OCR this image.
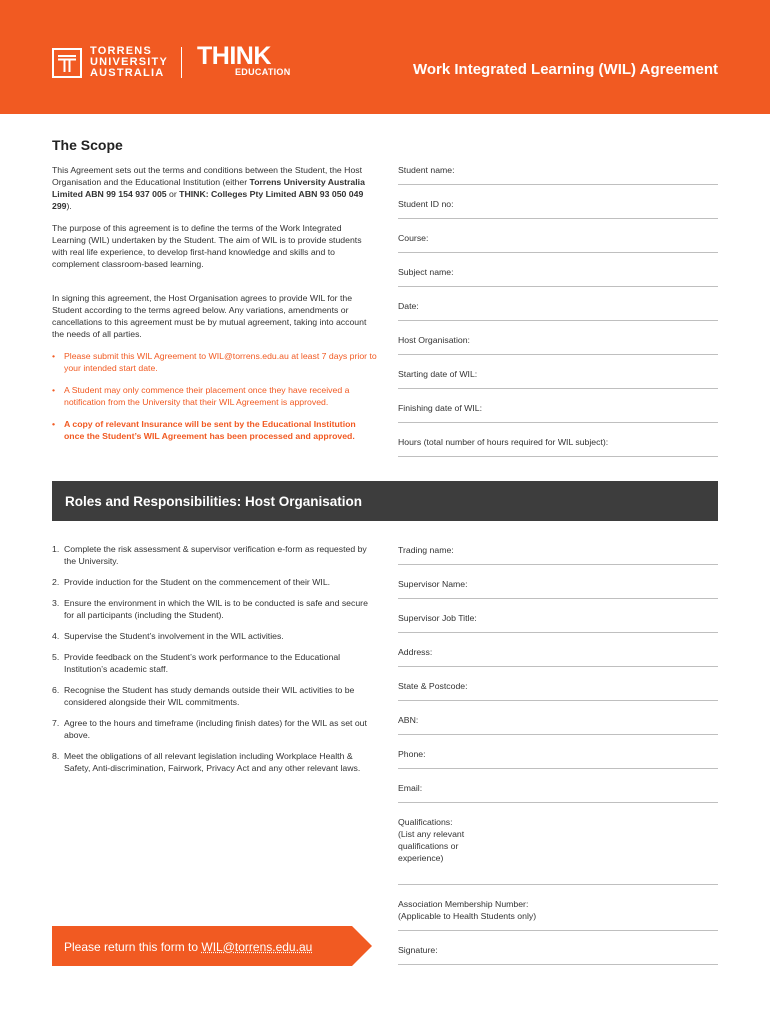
TORRENS
UNIVERSITY
AUSTRALIA
THINK
EDUCATION	Work Integrated Learning (WIL) Agreement
The Scope

This Agreement sets out the terms and conditions between the Student, the Host Organisation and the Educational Institution (either Torrens University Australia Limited ABN 99 154 937 005 or THINK: Colleges Pty Limited ABN 93 050 049 299).

The purpose of this agreement is to define the terms of the Work Integrated Learning (WIL) undertaken by the Student. The aim of WIL is to provide students with real life experience, to develop first-hand knowledge and skills and to complement classroom-based learning.

In signing this agreement, the Host Organisation agrees to provide WIL for the Student according to the terms agreed below. Any variations, amendments or cancellations to this agreement must be by mutual agreement, taking into account the needs of all parties.

• Please submit this WIL Agreement to WIL@torrens.edu.au at least 7 days prior to your intended start date.
• A Student may only commence their placement once they have received a notification from the University that their WIL Agreement is approved.
• A copy of relevant Insurance will be sent by the Educational Institution once the Student’s WIL Agreement has been processed and approved.
Student name:
Student ID no:
Course:
Subject name:
Date:
Host Organisation:
Starting date of WIL:
Finishing date of WIL:
Hours (total number of hours required for WIL subject):
Roles and Responsibilities: Host Organisation
1. Complete the risk assessment & supervisor verification e-form as requested by the University.
2. Provide induction for the Student on the commencement of their WIL.
3. Ensure the environment in which the WIL is to be conducted is safe and secure for all participants (including the Student).
4. Supervise the Student’s involvement in the WIL activities.
5. Provide feedback on the Student’s work performance to the Educational Institution’s academic staff.
6. Recognise the Student has study demands outside their WIL activities to be considered alongside their WIL commitments.
7. Agree to the hours and timeframe (including finish dates) for the WIL as set out above.
8. Meet the obligations of all relevant legislation including Workplace Health & Safety, Anti-discrimination, Fairwork, Privacy Act and any other relevant laws.
Trading name:
Supervisor Name:
Supervisor Job Title:
Address:
State & Postcode:
ABN:
Phone:
Email:
Qualifications:
(List any relevant
qualifications or
experience)
Association Membership Number:
(Applicable to Health Students only)
Signature:
Please return this form to WIL@torrens.edu.au
